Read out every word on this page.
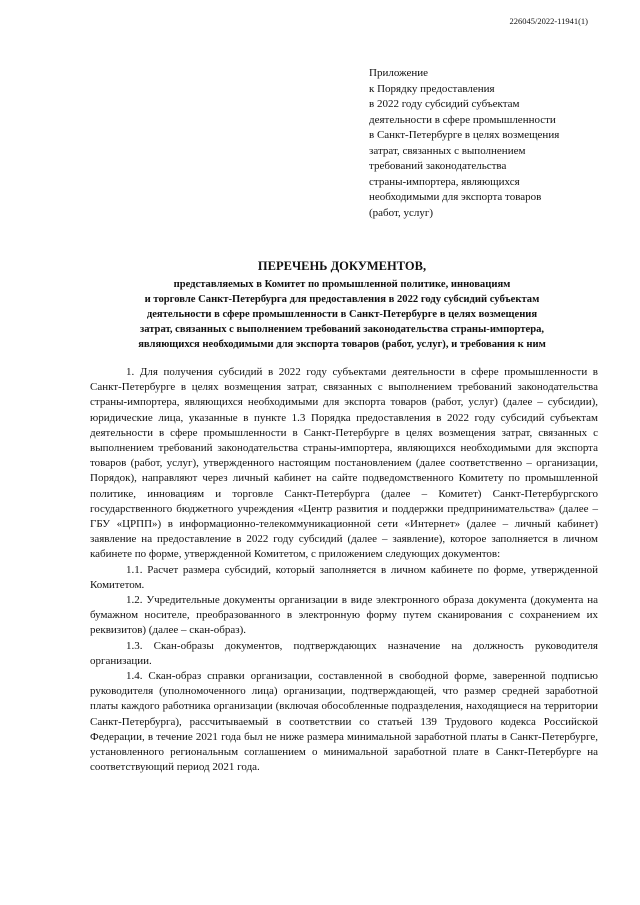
226045/2022-11941(1)
Приложение
к Порядку предоставления
в 2022 году субсидий субъектам
деятельности в сфере промышленности
в Санкт-Петербурге в целях возмещения
затрат, связанных с выполнением
требований законодательства
страны-импортера, являющихся
необходимыми для экспорта товаров
(работ, услуг)
ПЕРЕЧЕНЬ ДОКУМЕНТОВ,
представляемых в Комитет по промышленной политике, инновациям
и торговле Санкт-Петербурга для предоставления в 2022 году субсидий субъектам
деятельности в сфере промышленности в Санкт-Петербурге в целях возмещения
затрат, связанных с выполнением требований законодательства страны-импортера,
являющихся необходимыми для экспорта товаров (работ, услуг), и требования к ним

1. Для получения субсидий в 2022 году субъектами деятельности в сфере промышленности в Санкт-Петербурге в целях возмещения затрат, связанных с выполнением требований законодательства страны-импортера, являющихся необходимыми для экспорта товаров (работ, услуг) (далее – субсидии), юридические лица, указанные в пункте 1.3 Порядка предоставления в 2022 году субсидий субъектам деятельности в сфере промышленности в Санкт-Петербурге в целях возмещения затрат, связанных с выполнением требований законодательства страны-импортера, являющихся необходимыми для экспорта товаров (работ, услуг), утвержденного настоящим постановлением (далее соответственно – организации, Порядок), направляют через личный кабинет на сайте подведомственного Комитету по промышленной политике, инновациям и торговле Санкт-Петербурга (далее – Комитет) Санкт-Петербургского государственного бюджетного учреждения «Центр развития и поддержки предпринимательства» (далее – ГБУ «ЦРПП») в информационно-телекоммуникационной сети «Интернет» (далее – личный кабинет) заявление на предоставление в 2022 году субсидий (далее – заявление), которое заполняется в личном кабинете по форме, утвержденной Комитетом, с приложением следующих документов:

1.1. Расчет размера субсидий, который заполняется в личном кабинете по форме, утвержденной Комитетом.

1.2. Учредительные документы организации в виде электронного образа документа (документа на бумажном носителе, преобразованного в электронную форму путем сканирования с сохранением их реквизитов) (далее – скан-образ).

1.3. Скан-образы документов, подтверждающих назначение на должность руководителя организации.

1.4. Скан-образ справки организации, составленной в свободной форме, заверенной подписью руководителя (уполномоченного лица) организации, подтверждающей, что размер средней заработной платы каждого работника организации (включая обособленные подразделения, находящиеся на территории Санкт-Петербурга), рассчитываемый в соответствии со статьей 139 Трудового кодекса Российской Федерации, в течение 2021 года был не ниже размера минимальной заработной платы в Санкт-Петербурге, установленного региональным соглашением о минимальной заработной плате в Санкт-Петербурге на соответствующий период 2021 года.
